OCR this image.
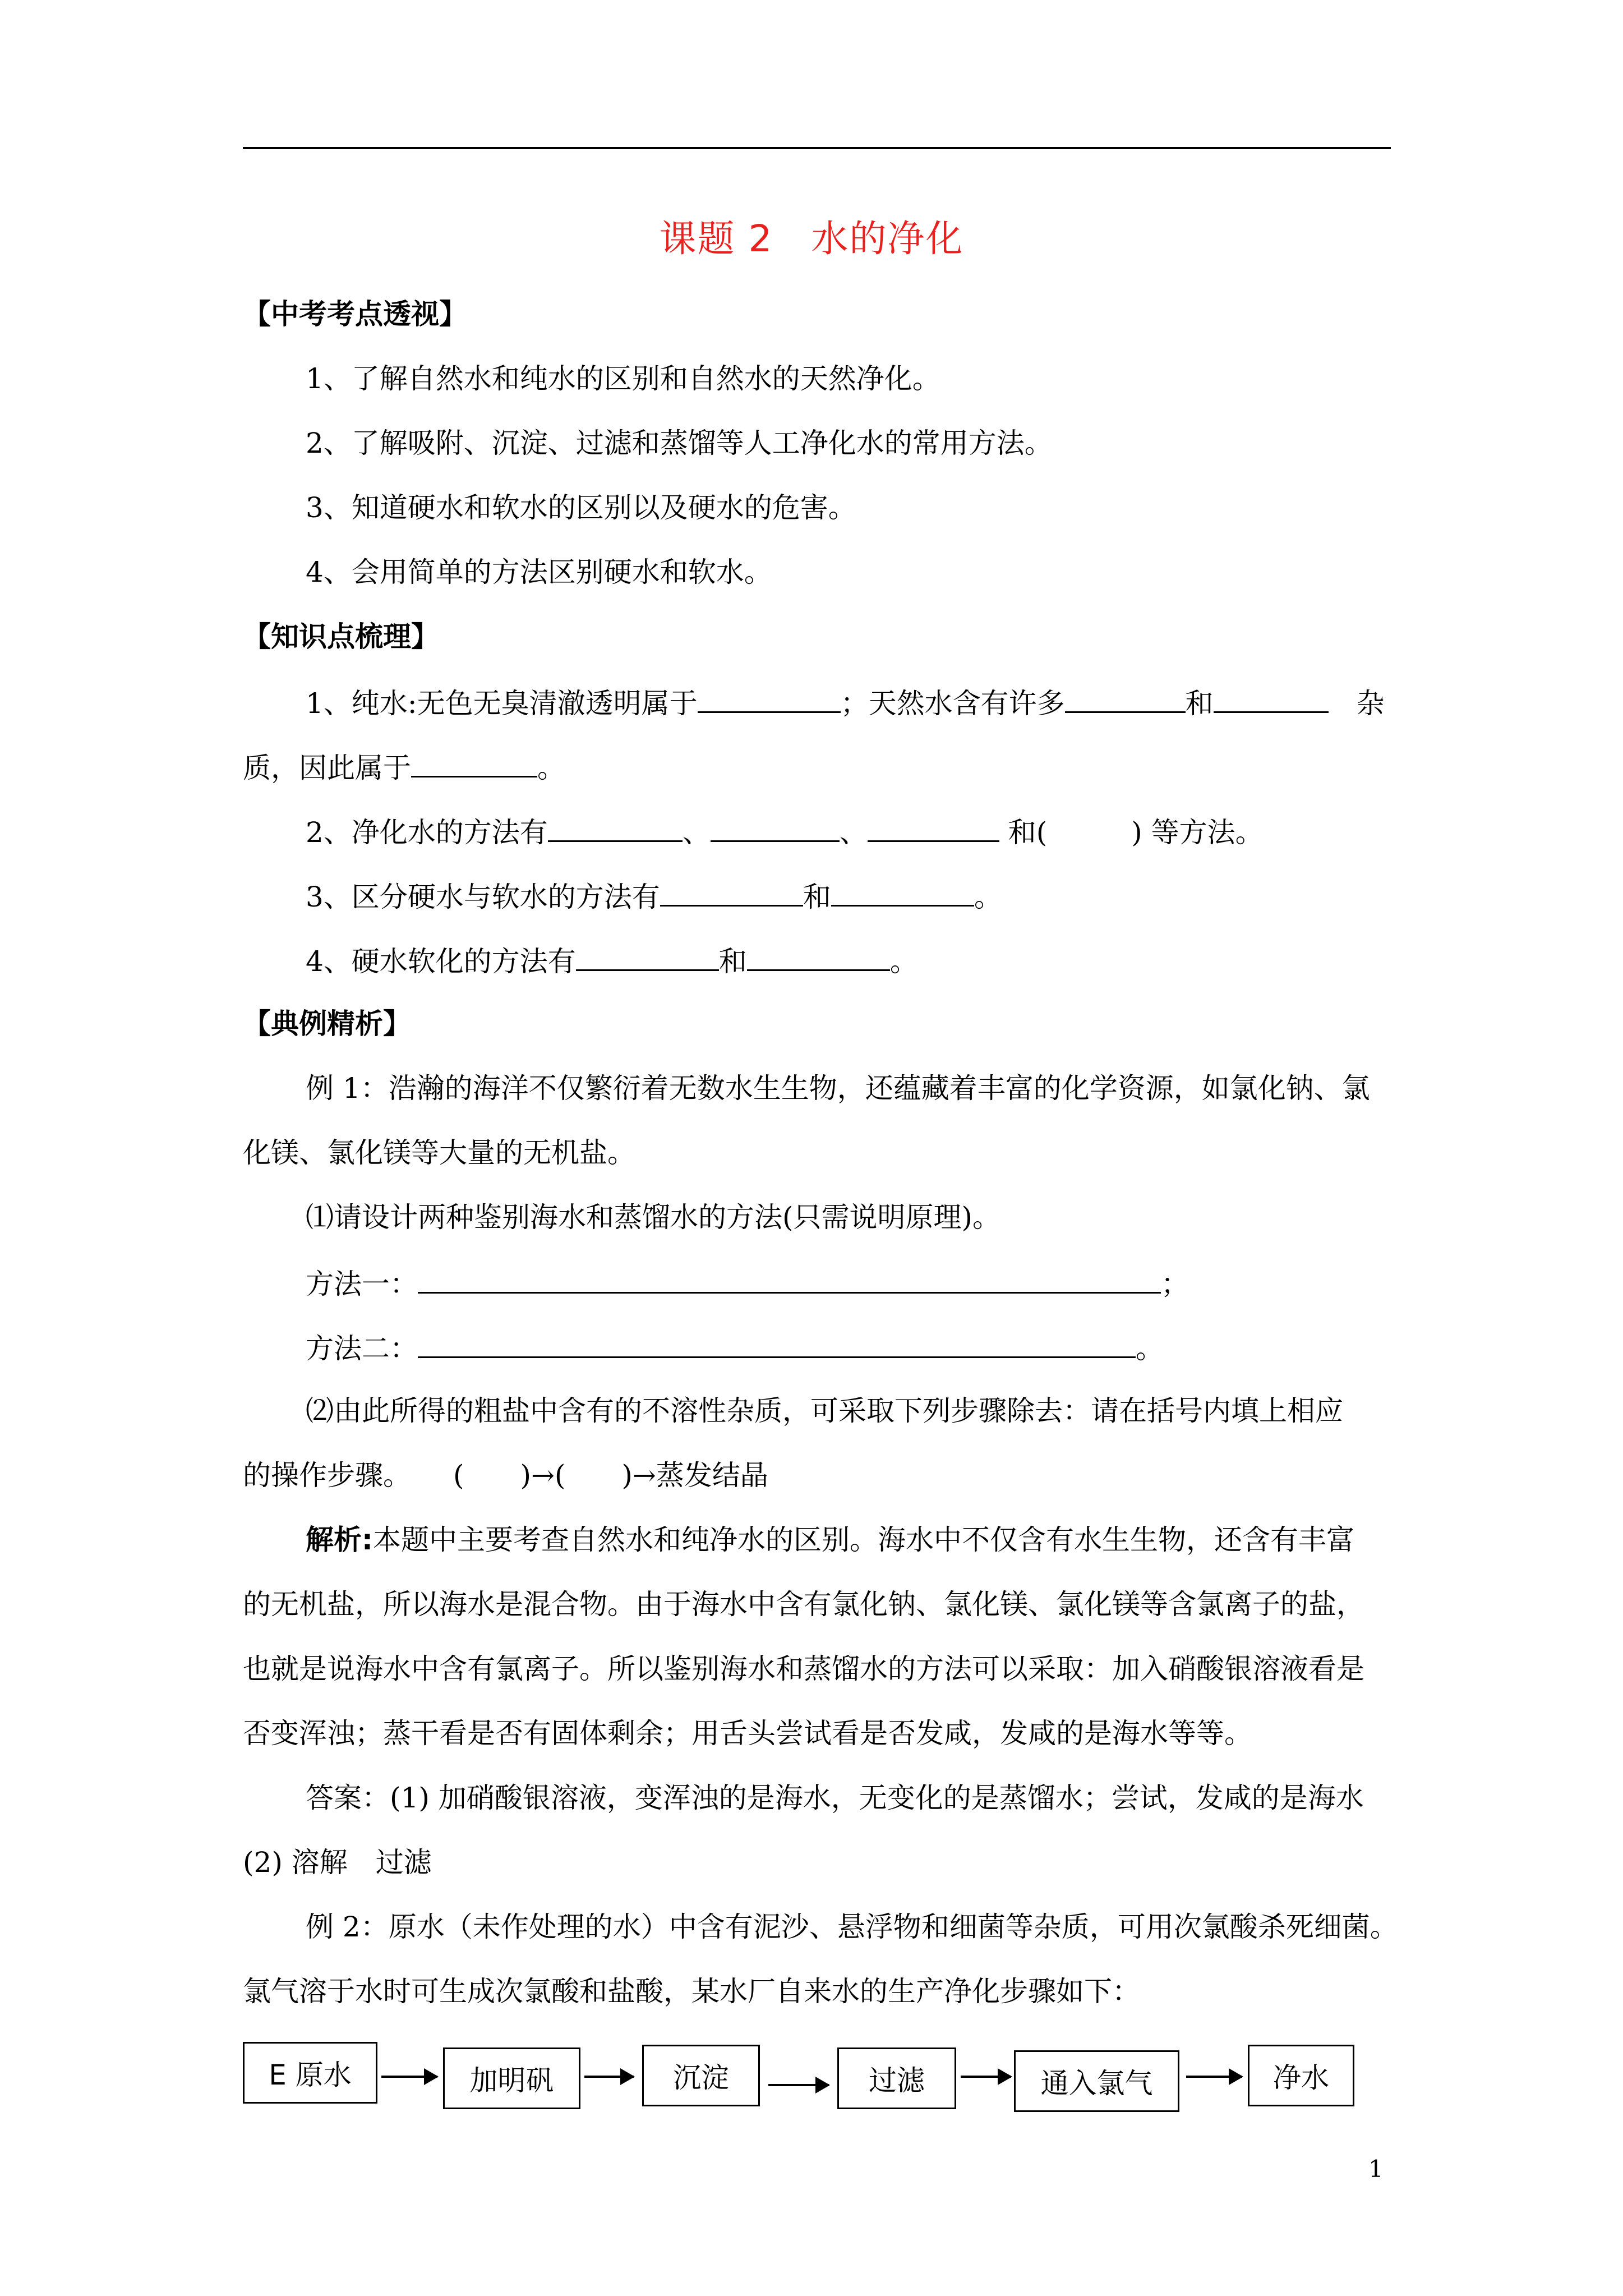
课题 2　水的净化
【中考考点透视】
1、了解自然水和纯水的区别和自然水的天然净化。
2、了解吸附、沉淀、过滤和蒸馏等人工净化水的常用方法。
3、知道硬水和软水的区别以及硬水的危害。
4、会用简单的方法区别硬水和软水。
【知识点梳理】
1、纯水:无色无臭清澈透明属于	；天然水含有许多	和	杂
质，因此属于	。
2、净化水的方法有	、	、	和(　　　) 等方法。
3、区分硬水与软水的方法有	和	。
4、硬水软化的方法有	和	。
【典例精析】
例 1：浩瀚的海洋不仅繁衍着无数水生生物，还蕴藏着丰富的化学资源，如氯化钠、氯
化镁、氯化镁等大量的无机盐。
⑴请设计两种鉴别海水和蒸馏水的方法(只需说明原理)。
方法一：	；
方法二：	。
⑵由此所得的粗盐中含有的不溶性杂质，可采取下列步骤除去：请在括号内填上相应
的操作步骤。　　(　　)→(　　)→蒸发结晶
解析:本题中主要考查自然水和纯净水的区别。海水中不仅含有水生生物，还含有丰富
的无机盐，所以海水是混合物。由于海水中含有氯化钠、氯化镁、氯化镁等含氯离子的盐，
也就是说海水中含有氯离子。所以鉴别海水和蒸馏水的方法可以采取：加入硝酸银溶液看是
否变浑浊；蒸干看是否有固体剩余；用舌头尝试看是否发咸，发咸的是海水等等。
答案：(1) 加硝酸银溶液，变浑浊的是海水，无变化的是蒸馏水；尝试，发咸的是海水
(2) 溶解　过滤
例 2：原水（未作处理的水）中含有泥沙、悬浮物和细菌等杂质，可用次氯酸杀死细菌。
氯气溶于水时可生成次氯酸和盐酸，某水厂自来水的生产净化步骤如下：
E 原水	加明矾	沉淀	过滤	通入氯气	净水
1
